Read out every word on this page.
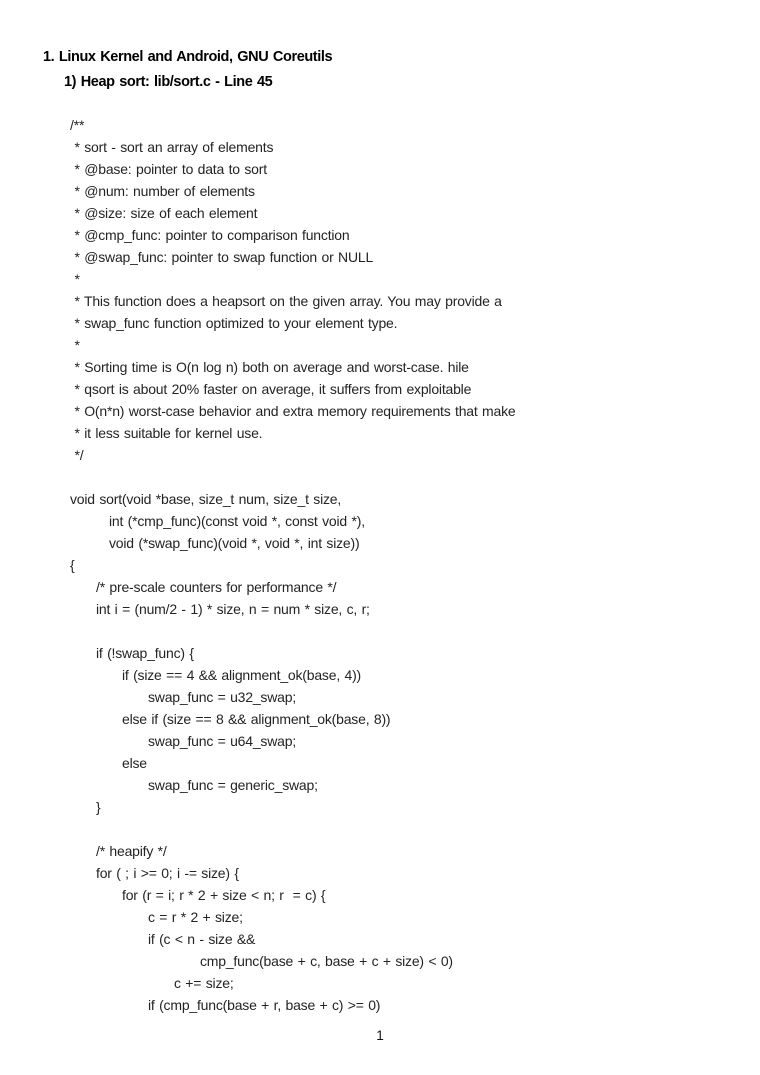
1. Linux Kernel and Android, GNU Coreutils
1) Heap sort: lib/sort.c - Line 45
/**
* sort - sort an array of elements
* @base: pointer to data to sort
* @num: number of elements
* @size: size of each element
* @cmp_func: pointer to comparison function
* @swap_func: pointer to swap function or NULL
*
* This function does a heapsort on the given array. You may provide a
* swap_func function optimized to your element type.
*
* Sorting time is O(n log n) both on average and worst-case. hile
* qsort is about 20% faster on average, it suffers from exploitable
* O(n*n) worst-case behavior and extra memory requirements that make
* it less suitable for kernel use.
*/
void sort(void *base, size_t num, size_t size,
int (*cmp_func)(const void *, const void *),
void (*swap_func)(void *, void *, int size))
{
/* pre-scale counters for performance */
int i = (num/2 - 1) * size, n = num * size, c, r;
if (!swap_func) {
if (size == 4 && alignment_ok(base, 4))
swap_func = u32_swap;
else if (size == 8 && alignment_ok(base, 8))
swap_func = u64_swap;
else
swap_func = generic_swap;
}
/* heapify */
for ( ; i >= 0; i -= size) {
for (r = i; r * 2 + size < n; r  = c) {
c = r * 2 + size;
if (c < n - size &&
cmp_func(base + c, base + c + size) < 0)
c += size;
if (cmp_func(base + r, base + c) >= 0)
1
